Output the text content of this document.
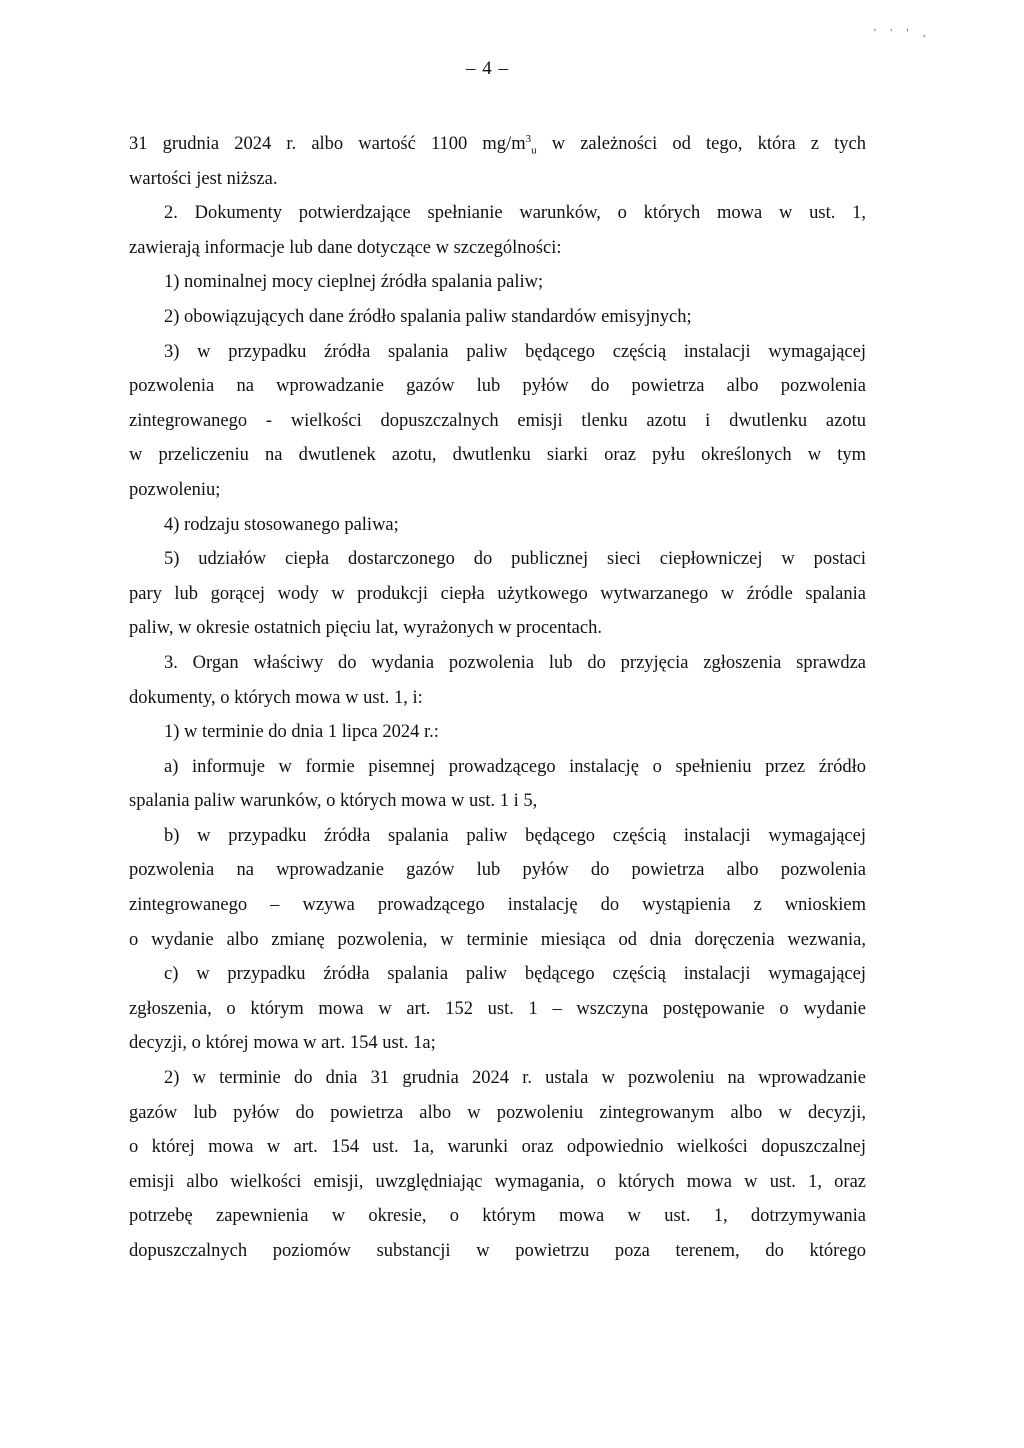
' ' ' ,
– 4 –
31 grudnia 2024 r. albo wartość 1100 $mg/m^3_u$ w zależności od tego, która z tych
wartości jest niższa.
2. Dokumenty potwierdzające spełnianie warunków, o których mowa w ust. 1,
zawierają informacje lub dane dotyczące w szczególności:
1) nominalnej mocy cieplnej źródła spalania paliw;
2) obowiązujących dane źródło spalania paliw standardów emisyjnych;
3) w przypadku źródła spalania paliw będącego częścią instalacji wymagającej
pozwolenia na wprowadzanie gazów lub pyłów do powietrza albo pozwolenia
zintegrowanego - wielkości dopuszczalnych emisji tlenku azotu i dwutlenku azotu
w przeliczeniu na dwutlenek azotu, dwutlenku siarki oraz pyłu określonych w tym
pozwoleniu;
4) rodzaju stosowanego paliwa;
5) udziałów ciepła dostarczonego do publicznej sieci ciepłowniczej w postaci
pary lub gorącej wody w produkcji ciepła użytkowego wytwarzanego w źródle spalania
paliw, w okresie ostatnich pięciu lat, wyrażonych w procentach.
3. Organ właściwy do wydania pozwolenia lub do przyjęcia zgłoszenia sprawdza
dokumenty, o których mowa w ust. 1, i:
1) w terminie do dnia 1 lipca 2024 r.:
a) informuje w formie pisemnej prowadzącego instalację o spełnieniu przez źródło
spalania paliw warunków, o których mowa w ust. 1 i 5,
b) w przypadku źródła spalania paliw będącego częścią instalacji wymagającej
pozwolenia na wprowadzanie gazów lub pyłów do powietrza albo pozwolenia
zintegrowanego – wzywa prowadzącego instalację do wystąpienia z wnioskiem
o wydanie albo zmianę pozwolenia, w terminie miesiąca od dnia doręczenia wezwania,
c) w przypadku źródła spalania paliw będącego częścią instalacji wymagającej
zgłoszenia, o którym mowa w art. 152 ust. 1 – wszczyna postępowanie o wydanie
decyzji, o której mowa w art. 154 ust. 1a;
2) w terminie do dnia 31 grudnia 2024 r. ustala w pozwoleniu na wprowadzanie
gazów lub pyłów do powietrza albo w pozwoleniu zintegrowanym albo w decyzji,
o której mowa w art. 154 ust. 1a, warunki oraz odpowiednio wielkości dopuszczalnej
emisji albo wielkości emisji, uwzględniając wymagania, o których mowa w ust. 1, oraz
potrzebę zapewnienia w okresie, o którym mowa w ust. 1, dotrzymywania
dopuszczalnych poziomów substancji w powietrzu poza terenem, do którego
